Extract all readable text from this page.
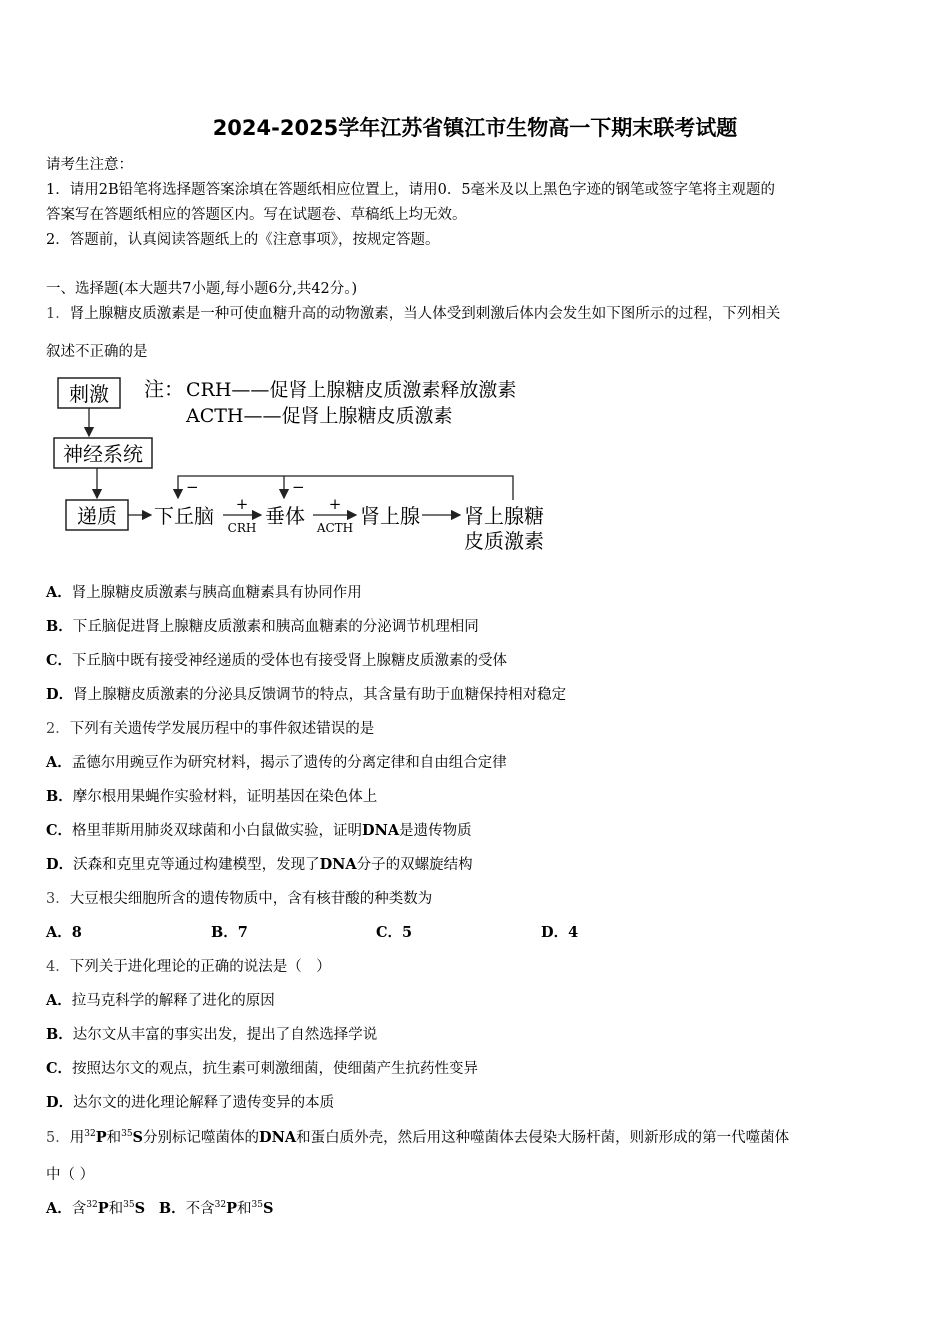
2024-2025学年江苏省镇江市生物高一下期末联考试题
请考生注意：
1．请用2B铅笔将选择题答案涂填在答题纸相应位置上，请用0．5毫米及以上黑色字迹的钢笔或签字笔将主观题的
答案写在答题纸相应的答题区内。写在试题卷、草稿纸上均无效。
2．答题前，认真阅读答题纸上的《注意事项》，按规定答题。
一、选择题(本大题共7小题,每小题6分,共42分。)
1．肾上腺糖皮质激素是一种可使血糖升高的动物激素，当人体受到刺激后体内会发生如下图所示的过程，下列相关
叙述不正确的是
刺激
神经系统
递质 下丘脑 +
CRH 垂体 +
ACTH 肾上腺 肾上腺糖
皮质激素
−	−
注： CRH——促肾上腺糖皮质激素释放激素
ACTH——促肾上腺糖皮质激素
A．肾上腺糖皮质激素与胰高血糖素具有协同作用
B．下丘脑促进肾上腺糖皮质激素和胰高血糖素的分泌调节机理相同
C．下丘脑中既有接受神经递质的受体也有接受肾上腺糖皮质激素的受体
D．肾上腺糖皮质激素的分泌具反馈调节的特点，其含量有助于血糖保持相对稳定
2．下列有关遗传学发展历程中的事件叙述错误的是
A．孟德尔用豌豆作为研究材料，揭示了遗传的分离定律和自由组合定律
B．摩尔根用果蝇作实验材料，证明基因在染色体上
C．格里菲斯用肺炎双球菌和小白鼠做实验，证明DNA是遗传物质
D．沃森和克里克等通过构建模型，发现了DNA分子的双螺旋结构
3．大豆根尖细胞所含的遗传物质中，含有核苷酸的种类数为
A．8	B．7	C．5	D．4
4．下列关于进化理论的正确的说法是（　）
A．拉马克科学的解释了进化的原因
B．达尔文从丰富的事实出发，提出了自然选择学说
C．按照达尔文的观点，抗生素可刺激细菌，使细菌产生抗药性变异
D．达尔文的进化理论解释了遗传变异的本质
5．用$^{32}$P和$^{35}$S分别标记噬菌体的DNA和蛋白质外壳，然后用这种噬菌体去侵染大肠杆菌，则新形成的第一代噬菌体
中（ ）
A．含$^{32}$P和$^{35}$S B．不含$^{32}$P和$^{35}$S
